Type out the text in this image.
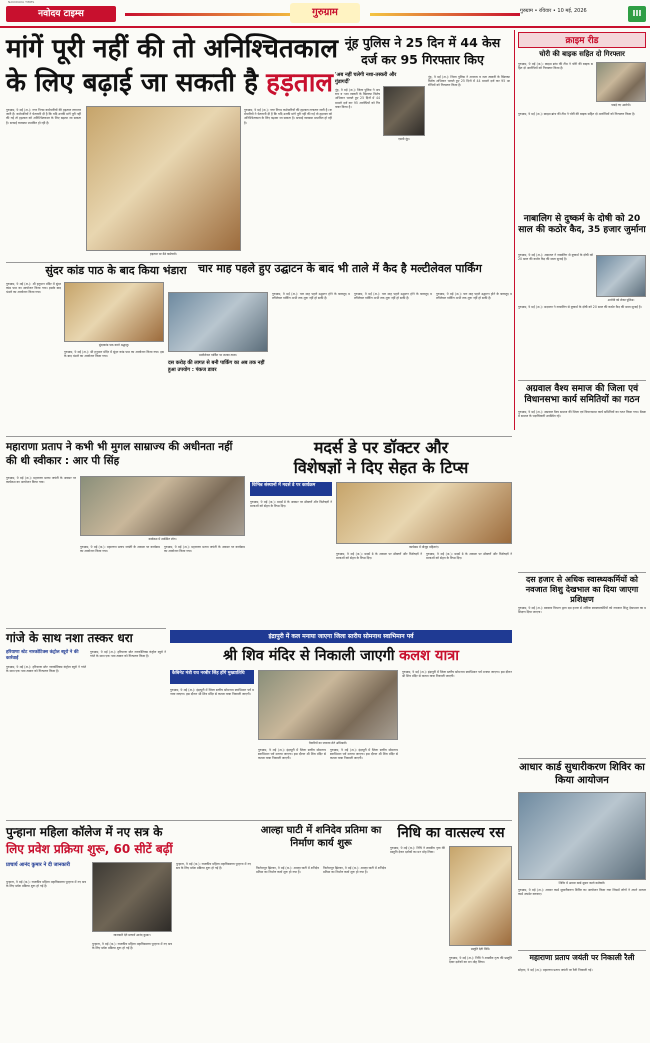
NAVODAYA TIMES
नवोदय टाइम्स	गुरुग्राम	गुरुग्राम • रविवार • 10 मई, 2026	III
मांगें पूरी नहीं की तो अनिश्चितकाल
के लिए बढ़ाई जा सकती है हड़ताल
गुरुग्राम, 9 मई (अ.): नगर निगम कर्मचारियों की हड़ताल लगातार जारी है। कर्मचारियों ने चेतावनी दी है कि यदि उनकी मांगें पूरी नहीं की गई तो हड़ताल को अनिश्चितकाल के लिए बढ़ाया जा सकता है। सफाई व्यवस्था प्रभावित हो रही है।
हड़ताल पर बैठे कर्मचारी।
गुरुग्राम, 9 मई (अ.): नगर निगम कर्मचारियों की हड़ताल लगातार जारी है। कर्मचारियों ने चेतावनी दी है कि यदि उनकी मांगें पूरी नहीं की गई तो हड़ताल को अनिश्चितकाल के लिए बढ़ाया जा सकता है। सफाई व्यवस्था प्रभावित हो रही है।
नूंह पुलिस ने 25 दिन में 44 केस दर्ज कर 95 गिरफ्तार किए
'अब नहीं चलेगी नशा-तस्करी और गुंडागर्दी'
नूंह, 9 मई (अ.): जिला पुलिस ने अपराध व नशा तस्करी के खिलाफ विशेष अभियान चलाते हुए 25 दिनों में 44 मामले दर्ज कर 95 आरोपियों को गिरफ्तार किया है।
एसपी नूंह।
नूंह, 9 मई (अ.): जिला पुलिस ने अपराध व नशा तस्करी के खिलाफ विशेष अभियान चलाते हुए 25 दिनों में 44 मामले दर्ज कर 95 आरोपियों को गिरफ्तार किया है।
क्राइम रीड
चोरी की बाइक सहित दो गिरफ्तार
गुरुग्राम, 9 मई (अ.): क्राइम ब्रांच की टीम ने चोरी की बाइक सहित दो आरोपियों को गिरफ्तार किया है।
पकड़े गए आरोपी।
गुरुग्राम, 9 मई (अ.): क्राइम ब्रांच की टीम ने चोरी की बाइक सहित दो आरोपियों को गिरफ्तार किया है।
नाबालिग से दुष्कर्म के दोषी को 20 साल की कठोर कैद, 35 हजार जुर्माना
गुरुग्राम, 9 मई (अ.): अदालत ने नाबालिग से दुष्कर्म के दोषी को 20 साल की कठोर कैद की सजा सुनाई है।
आरोपी को लेकर पुलिस।
गुरुग्राम, 9 मई (अ.): अदालत ने नाबालिग से दुष्कर्म के दोषी को 20 साल की कठोर कैद की सजा सुनाई है।
अग्रवाल वैश्य समाज की जिला एवं विधानसभा कार्य समितियों का गठन
गुरुग्राम, 9 मई (अ.): अग्रवाल वैश्य समाज की जिला एवं विधानसभा कार्य समितियों का गठन किया गया। बैठक में समाज के पदाधिकारी उपस्थित रहे।
दस हजार से अधिक स्वास्थ्यकर्मियों को नवजात शिशु देखभाल का दिया जाएगा प्रशिक्षण
गुरुग्राम, 9 मई (अ.): स्वास्थ्य विभाग द्वारा दस हजार से अधिक स्वास्थ्यकर्मियों को नवजात शिशु देखभाल का प्रशिक्षण दिया जाएगा।
सुंदर कांड पाठ के बाद किया भंडारा
गुरुग्राम, 9 मई (अ.): श्री हनुमान मंदिर में सुंदर कांड पाठ का आयोजन किया गया। इसके बाद भंडारे का आयोजन किया गया।
सुंदरकांड पाठ करते श्रद्धालु।
गुरुग्राम, 9 मई (अ.): श्री हनुमान मंदिर में सुंदर कांड पाठ का आयोजन किया गया। इसके बाद भंडारे का आयोजन किया गया।
चार माह पहले हुए उद्घाटन के बाद भी ताले में कैद है मल्टीलेवल पार्किंग
मल्टीलेवल पार्किंग पर लटका ताला।
दस करोड़ की लागत से बनी पार्किंग का अब तक नहीं हुआ उपयोग : पंकज डावर
गुरुग्राम, 9 मई (अ.): चार माह पहले उद्घाटन होने के बावजूद मल्टीलेवल पार्किंग अभी तक शुरू नहीं हो सकी है।
गुरुग्राम, 9 मई (अ.): चार माह पहले उद्घाटन होने के बावजूद मल्टीलेवल पार्किंग अभी तक शुरू नहीं हो सकी है।
गुरुग्राम, 9 मई (अ.): चार माह पहले उद्घाटन होने के बावजूद मल्टीलेवल पार्किंग अभी तक शुरू नहीं हो सकी है।
महाराणा प्रताप ने कभी भी मुगल साम्राज्य की अधीनता नहीं की थी स्वीकार : आर पी सिंह
गुरुग्राम, 9 मई (अ.): महाराणा प्रताप जयंती के अवसर पर कार्यक्रम का आयोजन किया गया।
कार्यक्रम में उपस्थित लोग।
गुरुग्राम, 9 मई (अ.): महाराणा प्रताप जयंती के अवसर पर कार्यक्रम का आयोजन किया गया।
गुरुग्राम, 9 मई (अ.): महाराणा प्रताप जयंती के अवसर पर कार्यक्रम का आयोजन किया गया।
मदर्स डे पर डॉक्टर और
विशेषज्ञों ने दिए सेहत के टिप्स
विभिन्न संस्थानों में मदर्स डे पर कार्यक्रम
गुरुग्राम, 9 मई (अ.): मदर्स डे के अवसर पर डॉक्टरों और विशेषज्ञों ने माताओं को सेहत के टिप्स दिए।
कार्यक्रम में मौजूद महिलाएं।
गुरुग्राम, 9 मई (अ.): मदर्स डे के अवसर पर डॉक्टरों और विशेषज्ञों ने माताओं को सेहत के टिप्स दिए।
गुरुग्राम, 9 मई (अ.): मदर्स डे के अवसर पर डॉक्टरों और विशेषज्ञों ने माताओं को सेहत के टिप्स दिए।
गांजे के साथ नशा तस्कर धरा
हरियाणा स्टेट नारकोटिक्स कंट्रोल ब्यूरो ने की कार्रवाई
गुरुग्राम, 9 मई (अ.): हरियाणा स्टेट नारकोटिक्स कंट्रोल ब्यूरो ने गांजे के साथ एक नशा तस्कर को गिरफ्तार किया है।
गुरुग्राम, 9 मई (अ.): हरियाणा स्टेट नारकोटिक्स कंट्रोल ब्यूरो ने गांजे के साथ एक नशा तस्कर को गिरफ्तार किया है।
इंद्रापुरी में कल मनाया जाएगा जिला स्तरीय सोमनाथ स्वाभिमान पर्व
श्री शिव मंदिर से निकाली जाएगी कलश यात्रा
कैबिनेट मंत्री राव नरबीर सिंह होंगे मुख्यातिथि
गुरुग्राम, 9 मई (अ.): इंद्रापुरी में जिला स्तरीय सोमनाथ स्वाभिमान पर्व मनाया जाएगा। इस दौरान श्री शिव मंदिर से कलश यात्रा निकाली जाएगी।
तैयारियों का जायजा लेते अधिकारी।
गुरुग्राम, 9 मई (अ.): इंद्रापुरी में जिला स्तरीय सोमनाथ स्वाभिमान पर्व मनाया जाएगा। इस दौरान श्री शिव मंदिर से कलश यात्रा निकाली जाएगी।
गुरुग्राम, 9 मई (अ.): इंद्रापुरी में जिला स्तरीय सोमनाथ स्वाभिमान पर्व मनाया जाएगा। इस दौरान श्री शिव मंदिर से कलश यात्रा निकाली जाएगी।
गुरुग्राम, 9 मई (अ.): इंद्रापुरी में जिला स्तरीय सोमनाथ स्वाभिमान पर्व मनाया जाएगा। इस दौरान श्री शिव मंदिर से कलश यात्रा निकाली जाएगी।
आधार कार्ड सुधारीकरण शिविर का किया आयोजन
शिविर में आधार कार्ड सुधार करते कर्मचारी।
गुरुग्राम, 9 मई (अ.): आधार कार्ड सुधारीकरण शिविर का आयोजन किया गया जिसमें लोगों ने अपने आधार कार्ड अपडेट करवाए।
महाराणा प्रताप जयंती पर निकाली रैली
सोहना, 9 मई (अ.): महाराणा प्रताप जयंती पर रैली निकाली गई।
पुन्हाना महिला कॉलेज में नए सत्र के
लिए प्रवेश प्रक्रिया शुरू, 60 सीटें बढ़ीं
प्राचार्य आनंद कुमार ने दी जानकारी
पुन्हाना, 9 मई (अ.): राजकीय महिला महाविद्यालय पुन्हाना में नए सत्र के लिए प्रवेश प्रक्रिया शुरू हो गई है।
जानकारी देते प्राचार्य आनंद कुमार।
पुन्हाना, 9 मई (अ.): राजकीय महिला महाविद्यालय पुन्हाना में नए सत्र के लिए प्रवेश प्रक्रिया शुरू हो गई है।
पुन्हाना, 9 मई (अ.): राजकीय महिला महाविद्यालय पुन्हाना में नए सत्र के लिए प्रवेश प्रक्रिया शुरू हो गई है।
आल्हा घाटी में शनिदेव प्रतिमा का निर्माण कार्य शुरू
फिरोजपुर झिरका, 9 मई (अ.): आल्हा घाटी में शनिदेव प्रतिमा का निर्माण कार्य शुरू हो गया है।
फिरोजपुर झिरका, 9 मई (अ.): आल्हा घाटी में शनिदेव प्रतिमा का निर्माण कार्य शुरू हो गया है।
निधि का वात्सल्य रस
गुरुग्राम, 9 मई (अ.): निधि ने शास्त्रीय नृत्य की प्रस्तुति देकर दर्शकों का मन मोह लिया।
प्रस्तुति देती निधि।
गुरुग्राम, 9 मई (अ.): निधि ने शास्त्रीय नृत्य की प्रस्तुति देकर दर्शकों का मन मोह लिया।
